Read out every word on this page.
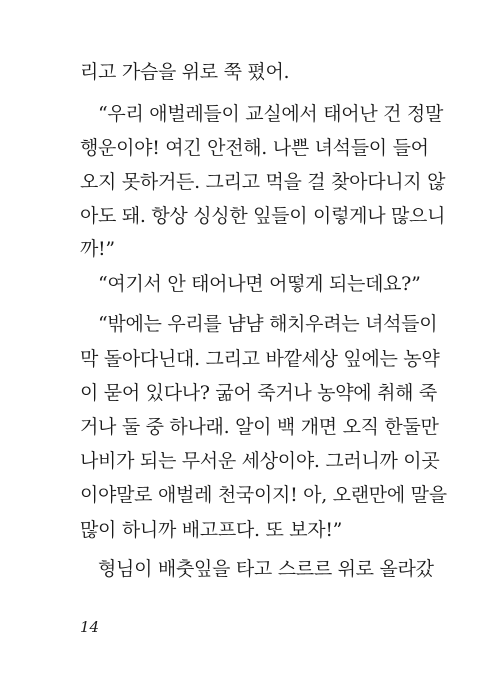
리고 가슴을 위로 쭉 폈어.
“우리 애벌레들이 교실에서 태어난 건 정말
행운이야! 여긴 안전해. 나쁜 녀석들이 들어
오지 못하거든. 그리고 먹을 걸 찾아다니지 않
아도 돼. 항상 싱싱한 잎들이 이렇게나 많으니
까!”
“여기서 안 태어나면 어떻게 되는데요?”
“밖에는 우리를 냠냠 해치우려는 녀석들이
막 돌아다닌대. 그리고 바깥세상 잎에는 농약
이 묻어 있다나? 굶어 죽거나 농약에 취해 죽
거나 둘 중 하나래. 알이 백 개면 오직 한둘만
나비가 되는 무서운 세상이야. 그러니까 이곳
이야말로 애벌레 천국이지! 아, 오랜만에 말을
많이 하니까 배고프다. 또 보자!”
형님이 배춧잎을 타고 스르르 위로 올라갔
14
